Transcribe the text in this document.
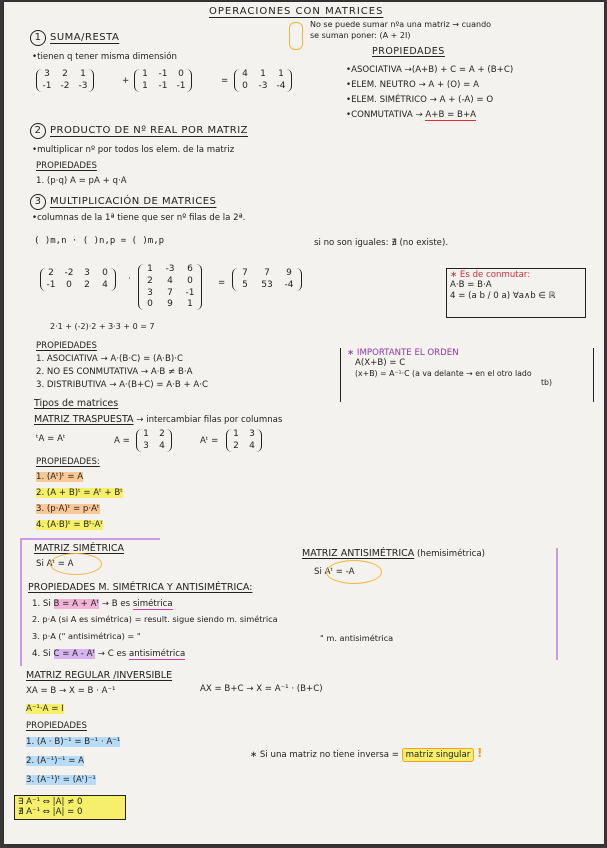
OPERACIONES CON MATRICES
1 SUMA/RESTA
•tienen q tener misma dimensión
3	2	1
-1 -2 -3	+
1	-1	0
1	-1 -1	=
4	1	1
0	-3 -4
No se puede sumar nºa una matriz → cuando
se suman poner: (A + 2I)
PROPIEDADES
•ASOCIATIVA →(A+B) + C = A + (B+C)
•ELEM. NEUTRO → A + (O) = A
•ELEM. SIMÉTRICO → A + (-A) = O
•CONMUTATIVA → A+B = B+A
2 PRODUCTO DE Nº REAL POR MATRIZ
•multiplicar nº por todos los elem. de la matriz
PROPIEDADES
1. (p·q) A = pA + q·A
3 MULTIPLICACIÓN DE MATRICES
•columnas de la 1ª tiene que ser nº filas de la 2ª.
( )m,n · ( )n,p = ( )m,p	si no son iguales: ∄ (no existe).
2	-2	3	0
-1	0	2	4
·
1	-3	6
2	4	0
3	7	-1
0	9	1
=
7	7	9
5	53	-4
2·1 + (-2)·2 + 3·3 + 0 = 7
∗ Es de conmutar:
A·B = B·A
4 = (a b / 0 a) ∀a∧b ∈ ℝ
PROPIEDADES
1. ASOCIATIVA → A·(B·C) = (A·B)·C
2. NO ES CONMUTATIVA → A·B ≠ B·A
3. DISTRIBUTIVA → A·(B+C) = A·B + A·C
∗ IMPORTANTE EL ORDEN
A(X+B) = C
(x+B) = A⁻¹·C (a va delante → en el otro lado
tb)
Tipos de matrices
MATRIZ TRASPUESTA → intercambiar filas por columnas
ᵗA = Aᵗ	A =
1 2
3 4	Aᵗ =
1 3
2 4
PROPIEDADES:
1. (Aᵗ)ᵗ = A
2. (A + B)ᵗ = Aᵗ + Bᵗ
3. (p·A)ᵗ = p·Aᵗ
4. (A·B)ᵗ = Bᵗ·Aᵗ
MATRIZ SIMÉTRICA
Si Aᵗ = A
MATRIZ ANTISIMÉTRICA (hemisimétrica)
Si Aᵗ = -A
PROPIEDADES M. SIMÉTRICA Y ANTISIMÉTRICA:
1. Si B = A + Aᵗ → B es simétrica
2. p·A (si A es simétrica) = result. sigue siendo m. simétrica
3. p·A (" antisimétrica) = "	" m. antisimétrica
4. Si C = A - Aᵗ → C es antisimétrica
MATRIZ REGULAR /INVERSIBLE
XA = B → X = B · A⁻¹	AX = B+C → X = A⁻¹ · (B+C)
A⁻¹·A = I
PROPIEDADES
1. (A · B)⁻¹ = B⁻¹ · A⁻¹
2. (A⁻¹)⁻¹ = A
3. (A⁻¹)ᵗ = (Aᵗ)⁻¹
∃ A⁻¹ ⇔ |A| ≠ 0
∄ A⁻¹ ⇔ |A| = 0
∗ Si una matriz no tiene inversa = matriz singular !
